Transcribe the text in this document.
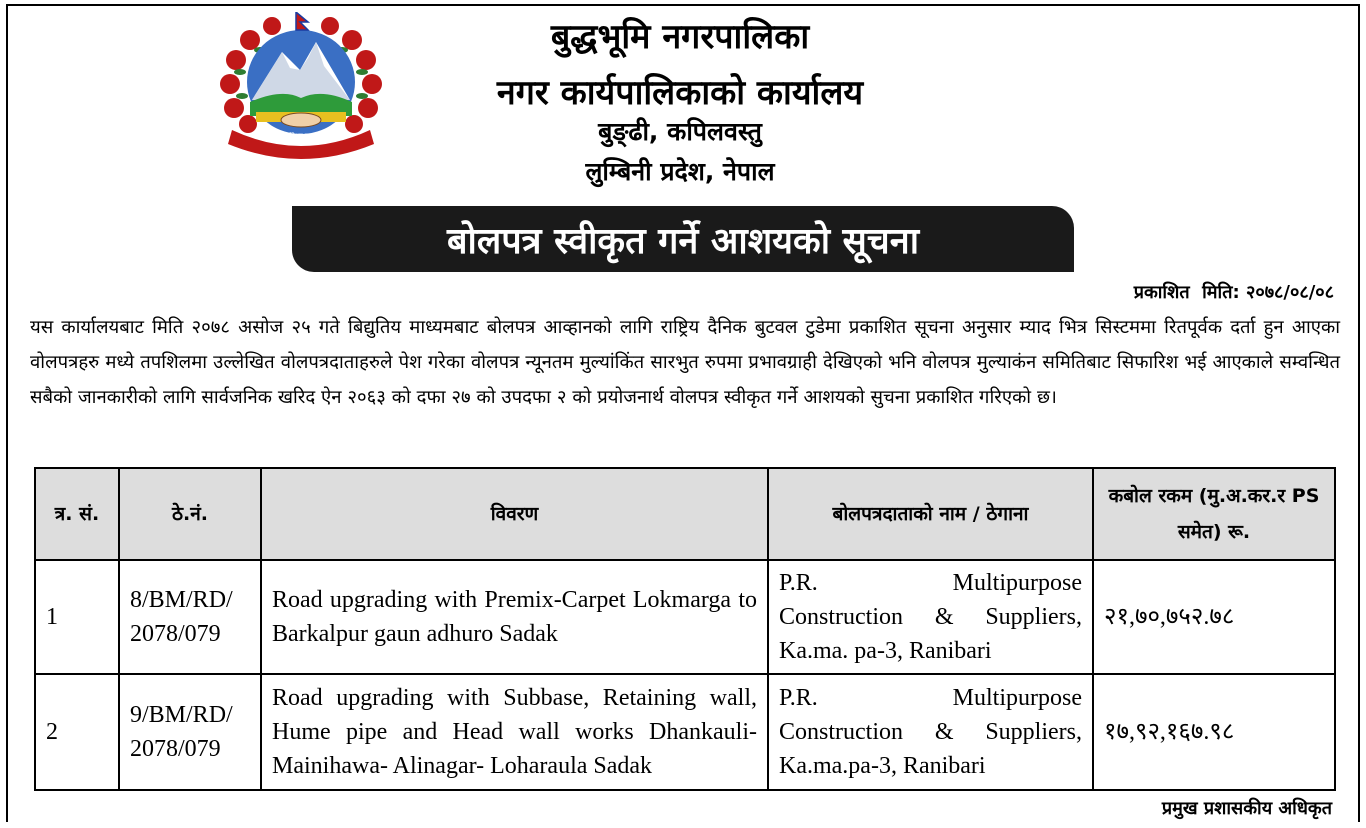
जननी जन्मभूमिश्च स्वर्गादपि गरीयसी
बुद्धभूमि नगरपालिका
नगर कार्यपालिकाको कार्यालय
बुङ्ढी, कपिलवस्तु
लुम्बिनी प्रदेश, नेपाल
बोलपत्र स्वीकृत गर्ने आशयको सूचना
प्रकाशित  मिति: २०७८/०८/०८
यस कार्यालयबाट मिति २०७८ असोज २५ गते बिद्युतिय माध्यमबाट बोलपत्र आव्हानको लागि राष्ट्रिय दैनिक बुटवल टुडेमा प्रकाशित सूचना अनुसार म्याद भित्र सिस्टममा रितपूर्वक दर्ता हुन आएका वोलपत्रहरु मध्ये तपशिलमा उल्लेखित वोलपत्रदाताहरुले पेश गरेका वोलपत्र न्यूनतम मुल्यांकिंत सारभुत रुपमा प्रभावग्राही देखिएको भनि वोलपत्र मुल्याकंन समितिबाट सिफारिश भई आएकाले सम्वन्धित सबैको जानकारीको लागि सार्वजनिक खरिद ऐन २०६३ को दफा २७ को उपदफा २ को प्रयोजनार्थ वोलपत्र स्वीकृत गर्ने आशयको सुचना प्रकाशित गरिएको छ।
त्र. सं.	ठे.नं.	विवरण	बोलपत्रदाताको नाम / ठेगाना	कबोल रकम (मु.अ.कर.र PS समेत) रू.
1	8/BM/RD/ 2078/079	Road upgrading with Premix-Carpet Lokmarga to Barkalpur gaun adhuro Sadak	P.R. Multipurpose Construction & Suppliers, Ka.ma. pa-3, Ranibari	२१,७०,७५२.७८
2	9/BM/RD/ 2078/079	Road upgrading with Subbase, Retaining wall, Hume pipe and Head wall works Dhankauli-Mainihawa- Alinagar- Loharaula Sadak	P.R. Multipurpose Construction & Suppliers, Ka.ma.pa-3, Ranibari	१७,९२,१६७.९८
प्रमुख प्रशासकीय अधिकृत
